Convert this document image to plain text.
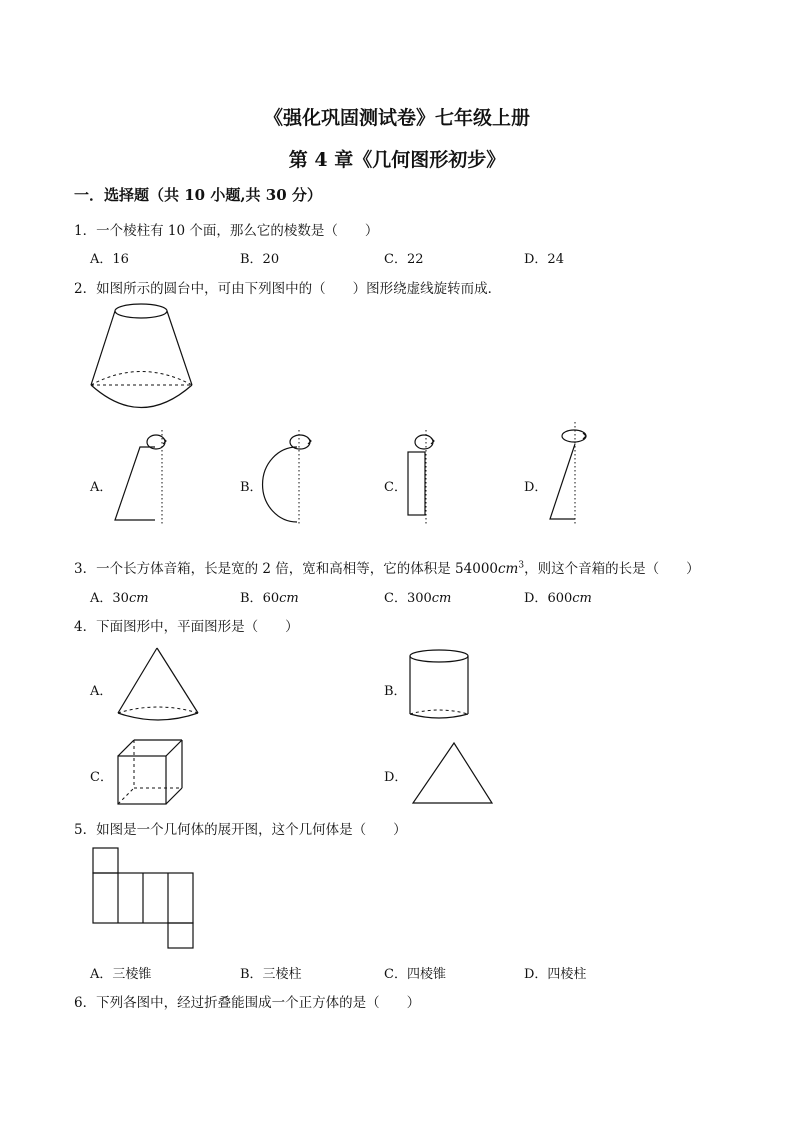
《强化巩固测试卷》七年级上册
第 4 章《几何图形初步》
一．选择题（共 10 小题,共 30 分）
1．一个棱柱有 10 个面，那么它的棱数是（　　）
A．16	B．20	C．22	D．24
2．如图所示的圆台中，可由下列图中的（　　）图形绕虚线旋转而成．
A．	B．	C．	D．
3．一个长方体音箱，长是宽的 2 倍，宽和高相等，它的体积是 $54000cm^3$，则这个音箱的长是（　　）
A．30cm	B．60cm	C．300cm	D．600cm
4．下面图形中，平面图形是（　　）
A．	B．
C．	D．
5．如图是一个几何体的展开图，这个几何体是（　　）
A．三棱锥	B．三棱柱	C．四棱锥	D．四棱柱
6．下列各图中，经过折叠能围成一个正方体的是（　　）
